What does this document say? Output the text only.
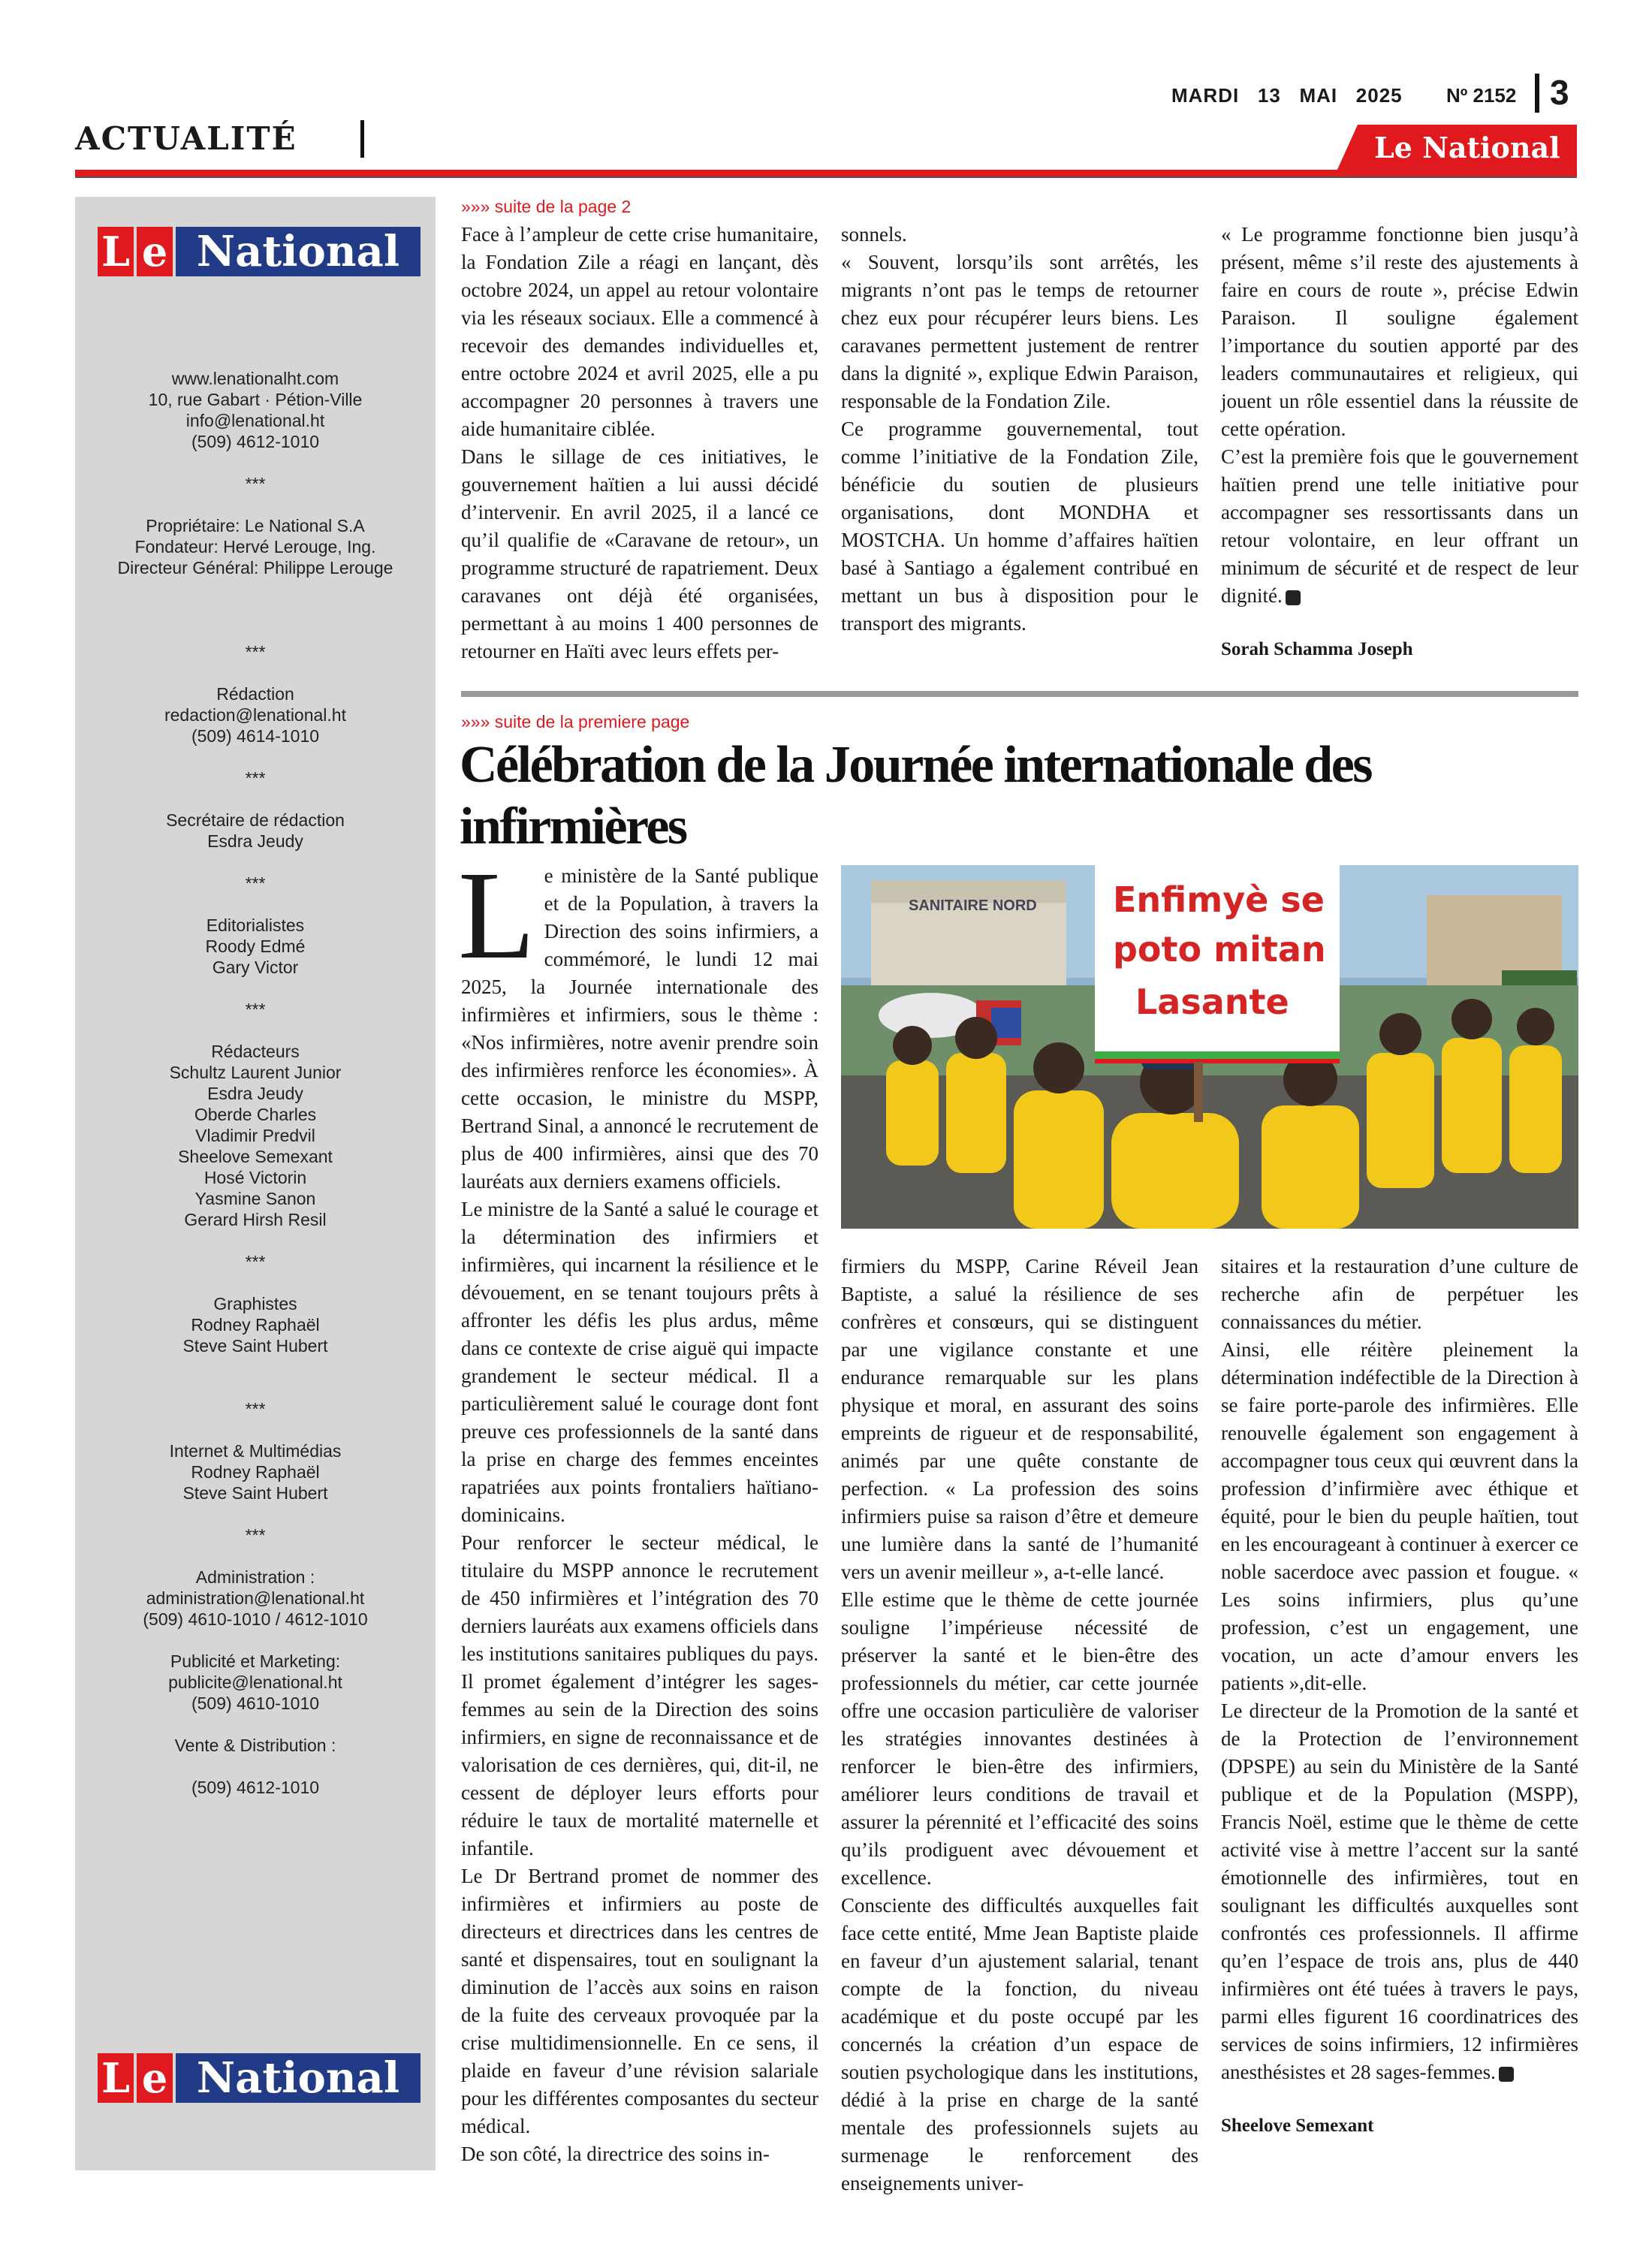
ACTUALITÉ
MARDI   13   MAI   2025 Nº 2152 3
Le National
L e National
www.lenationalht.com
10, rue Gabart · Pétion-Ville
info@lenational.ht
(509) 4612-1010
***
Propriétaire: Le National S.A
Fondateur: Hervé Lerouge, Ing.
Directeur Général: Philippe Lerouge
***
Rédaction
redaction@lenational.ht
(509) 4614-1010
***
Secrétaire de rédaction
Esdra Jeudy
***
Editorialistes
Roody Edmé
Gary Victor
***
Rédacteurs
Schultz Laurent Junior
Esdra Jeudy
Oberde Charles
Vladimir Predvil
Sheelove Semexant
Hosé Victorin
Yasmine Sanon
Gerard Hirsh Resil
***
Graphistes
Rodney Raphaël
Steve Saint Hubert
***
Internet & Multimédias
Rodney Raphaël
Steve Saint Hubert
***
Administration :
administration@lenational.ht
(509) 4610-1010 / 4612-1010
Publicité et Marketing:
publicite@lenational.ht
(509) 4610-1010
Vente & Distribution :
(509) 4612-1010
L e National
»»» suite de la page 2

Face à l’ampleur de cette crise humanitaire, la Fondation Zile a réagi en lançant, dès octobre 2024, un appel au retour volontaire via les réseaux sociaux. Elle a commencé à recevoir des demandes individuelles et, entre octobre 2024 et avril 2025, elle a pu accompagner 20 personnes à travers une aide humanitaire ciblée.

Dans le sillage de ces initiatives, le gouvernement haïtien a lui aussi décidé d’intervenir. En avril 2025, il a lancé ce qu’il qualifie de «Caravane de retour», un programme structuré de rapatriement. Deux caravanes ont déjà été organisées, permettant à au moins 1 400 personnes de retourner en Haïti avec leurs effets per-

sonnels.

« Souvent, lorsqu’ils sont arrêtés, les migrants n’ont pas le temps de retourner chez eux pour récupérer leurs biens. Les caravanes permettent justement de rentrer dans la dignité », explique Edwin Paraison, responsable de la Fondation Zile.

Ce programme gouvernemental, tout comme l’initiative de la Fondation Zile, bénéficie du soutien de plusieurs organisations, dont MONDHA et MOSTCHA. Un homme d’affaires haïtien basé à Santiago a également contribué en mettant un bus à disposition pour le transport des migrants.

« Le programme fonctionne bien jusqu’à présent, même s’il reste des ajustements à faire en cours de route », précise Edwin Paraison. Il souligne également l’importance du soutien apporté par des leaders communautaires et religieux, qui jouent un rôle essentiel dans la réussite de cette opération.

C’est la première fois que le gouvernement haïtien prend une telle initiative pour accompagner ses ressortissants dans un retour volontaire, en leur offrant un minimum de sécurité et de respect de leur dignité.

Sorah Schamma Joseph

»»» suite de la premiere page
Célébration de la Journée internationale des infirmières

Le ministère de la Santé publique et de la Population, à travers la Direction des soins infirmiers, a commémoré, le lundi 12 mai 2025, la Journée internationale des infirmières et infirmiers, sous le thème : «Nos infirmières, notre avenir prendre soin des infirmières renforce les économies». À cette occasion, le ministre du MSPP, Bertrand Sinal, a annoncé le recrutement de plus de 400 infirmières, ainsi que des 70 lauréats aux derniers examens officiels.

Le ministre de la Santé a salué le courage et la détermination des infirmiers et infirmières, qui incarnent la résilience et le dévouement, en se tenant toujours prêts à affronter les défis les plus ardus, même dans ce contexte de crise aiguë qui impacte grandement le secteur médical. Il a particulièrement salué le courage dont font preuve ces professionnels de la santé dans la prise en charge des femmes enceintes rapatriées aux points frontaliers haïtiano-dominicains.

Pour renforcer le secteur médical, le titulaire du MSPP annonce le recrutement de 450 infirmières et l’intégration des 70 derniers lauréats aux examens officiels dans les institutions sanitaires publiques du pays. Il promet également d’intégrer les sages-femmes au sein de la Direction des soins infirmiers, en signe de reconnaissance et de valorisation de ces dernières, qui, dit-il, ne cessent de déployer leurs efforts pour réduire le taux de mortalité maternelle et infantile.

Le Dr Bertrand promet de nommer des infirmières et infirmiers au poste de directeurs et directrices dans les centres de santé et dispensaires, tout en soulignant la diminution de l’accès aux soins en raison de la fuite des cerveaux provoquée par la crise multidimensionnelle. En ce sens, il plaide en faveur d’une révision salariale pour les différentes composantes du secteur médical.

De son côté, la directrice des soins in-

SANITAIRE NORD Enfimyè se
poto mitan
Lasante

firmiers du MSPP, Carine Réveil Jean Baptiste, a salué la résilience de ses confrères et consœurs, qui se distinguent par une vigilance constante et une endurance remarquable sur les plans physique et moral, en assurant des soins empreints de rigueur et de responsabilité, animés par une quête constante de perfection. « La profession des soins infirmiers puise sa raison d’être et demeure une lumière dans la santé de l’humanité vers un avenir meilleur », a-t-elle lancé.

Elle estime que le thème de cette journée souligne l’impérieuse nécessité de préserver la santé et le bien-être des professionnels du métier, car cette journée offre une occasion particulière de valoriser les stratégies innovantes destinées à renforcer le bien-être des infirmiers, améliorer leurs conditions de travail et assurer la pérennité et l’efficacité des soins qu’ils prodiguent avec dévouement et excellence.

Consciente des difficultés auxquelles fait face cette entité, Mme Jean Baptiste plaide en faveur d’un ajustement salarial, tenant compte de la fonction, du niveau académique et du poste occupé par les concernés la création d’un espace de soutien psychologique dans les institutions, dédié à la prise en charge de la santé mentale des professionnels sujets au surmenage le renforcement des enseignements univer-

sitaires et la restauration d’une culture de recherche afin de perpétuer les connaissances du métier.

Ainsi, elle réitère pleinement la détermination indéfectible de la Direction à se faire porte-parole des infirmières. Elle renouvelle également son engagement à accompagner tous ceux qui œuvrent dans la profession d’infirmière avec éthique et équité, pour le bien du peuple haïtien, tout en les encourageant à continuer à exercer ce noble sacerdoce avec passion et fougue. « Les soins infirmiers, plus qu’une profession, c’est un engagement, une vocation, un acte d’amour envers les patients »,dit-elle.

Le directeur de la Promotion de la santé et de la Protection de l’environnement (DPSPE) au sein du Ministère de la Santé publique et de la Population (MSPP), Francis Noël, estime que le thème de cette activité vise à mettre l’accent sur la santé émotionnelle des infirmières, tout en soulignant les difficultés auxquelles sont confrontés ces professionnels. Il affirme qu’en l’espace de trois ans, plus de 440 infirmières ont été tuées à travers le pays, parmi elles figurent 16 coordinatrices des services de soins infirmiers, 12 infirmières anesthésistes et 28 sages-femmes.

Sheelove Semexant
